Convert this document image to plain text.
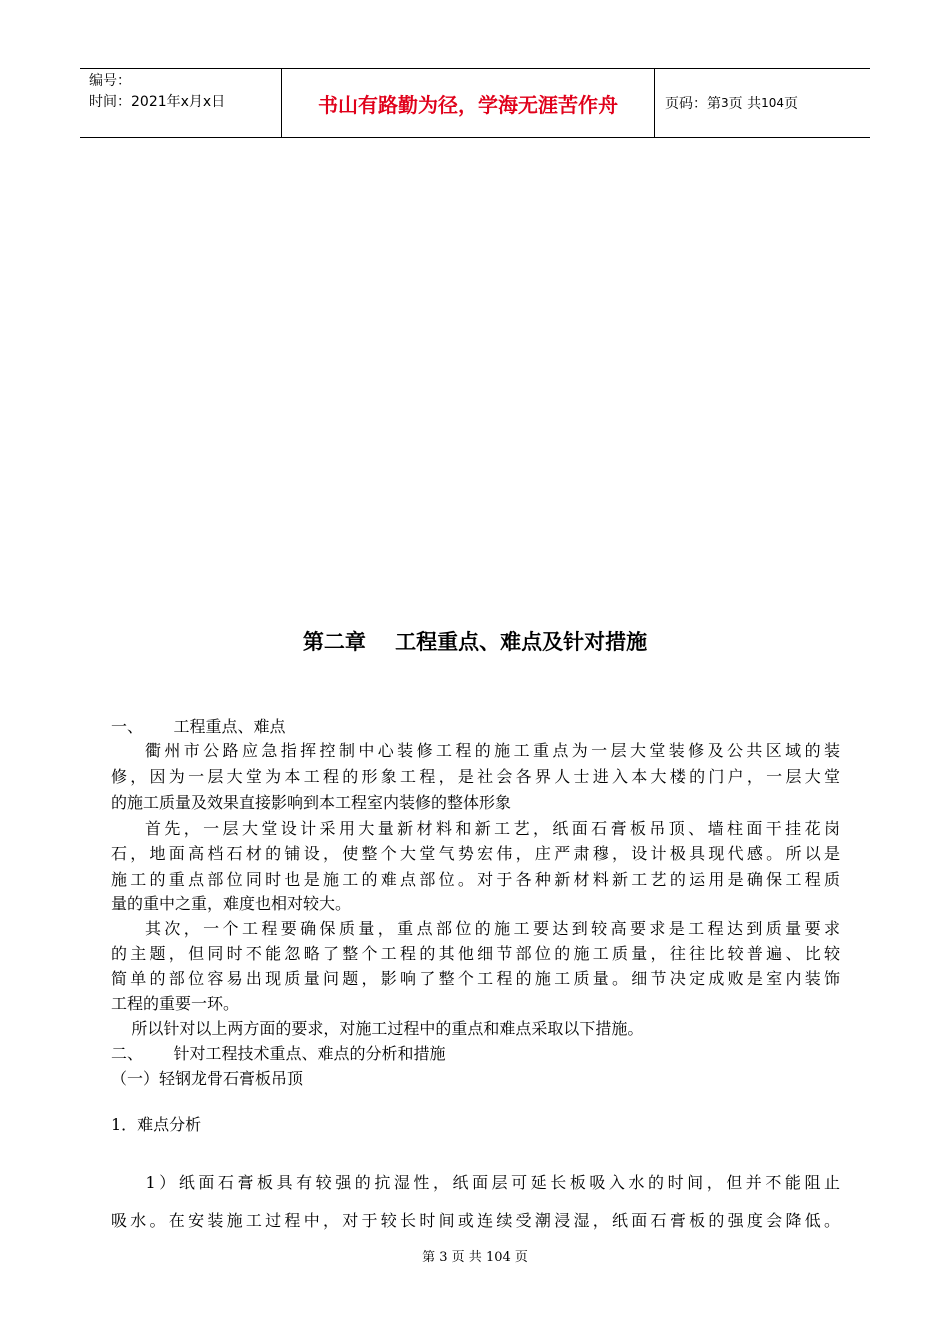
编号：
时间：2021年x月x日	书山有路勤为径，学海无涯苦作舟	页码：第 3 页 共 104 页
第二章    工程重点、难点及针对措施
一、      工程重点、难点
衢州市公路应急指挥控制中心装修工程的施工重点为一层大堂装修及公共区域的装
修，因为一层大堂为本工程的形象工程，是社会各界人士进入本大楼的门户，一层大堂
的施工质量及效果直接影响到本工程室内装修的整体形象
首先，一层大堂设计采用大量新材料和新工艺，纸面石膏板吊顶、墙柱面干挂花岗
石，地面高档石材的铺设，使整个大堂气势宏伟，庄严肃穆，设计极具现代感。所以是
施工的重点部位同时也是施工的难点部位。对于各种新材料新工艺的运用是确保工程质
量的重中之重，难度也相对较大。
其次，一个工程要确保质量，重点部位的施工要达到较高要求是工程达到质量要求
的主题，但同时不能忽略了整个工程的其他细节部位的施工质量，往往比较普遍、比较
简单的部位容易出现质量问题，影响了整个工程的施工质量。细节决定成败是室内装饰
工程的重要一环。
所以针对以上两方面的要求，对施工过程中的重点和难点采取以下措施。
二、      针对工程技术重点、难点的分析和措施
（一）轻钢龙骨石膏板吊顶
1．难点分析
1）纸面石膏板具有较强的抗湿性，纸面层可延长板吸入水的时间，但并不能阻止
吸水。在安装施工过程中，对于较长时间或连续受潮浸湿，纸面石膏板的强度会降低。
第 3 页 共 104 页
